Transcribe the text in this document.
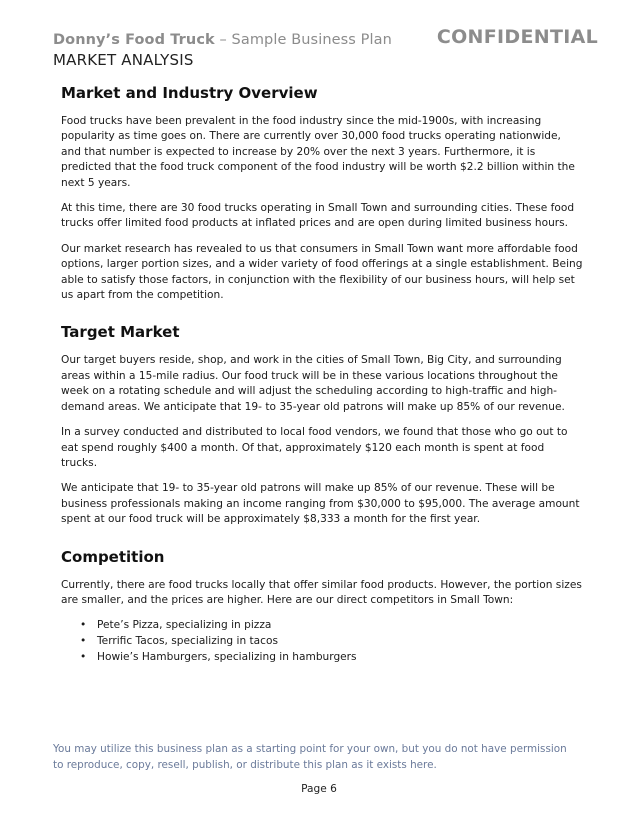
Donny’s Food Truck – Sample Business Plan CONFIDENTIAL
MARKET ANALYSIS
Market and Industry Overview

Food trucks have been prevalent in the food industry since the mid-1900s, with increasing popularity as time goes on. There are currently over 30,000 food trucks operating nationwide, and that number is expected to increase by 20% over the next 3 years. Furthermore, it is predicted that the food truck component of the food industry will be worth $2.2 billion within the next 5 years.

At this time, there are 30 food trucks operating in Small Town and surrounding cities. These food trucks offer limited food products at inflated prices and are open during limited business hours.

Our market research has revealed to us that consumers in Small Town want more affordable food options, larger portion sizes, and a wider variety of food offerings at a single establishment. Being able to satisfy those factors, in conjunction with the flexibility of our business hours, will help set us apart from the competition.

Target Market

Our target buyers reside, shop, and work in the cities of Small Town, Big City, and surrounding areas within a 15-mile radius. Our food truck will be in these various locations throughout the week on a rotating schedule and will adjust the scheduling according to high-traffic and high-demand areas. We anticipate that 19- to 35-year old patrons will make up 85% of our revenue.

In a survey conducted and distributed to local food vendors, we found that those who go out to eat spend roughly $400 a month. Of that, approximately $120 each month is spent at food trucks.

We anticipate that 19- to 35-year old patrons will make up 85% of our revenue. These will be business professionals making an income ranging from $30,000 to $95,000. The average amount spent at our food truck will be approximately $8,333 a month for the first year.

Competition

Currently, there are food trucks locally that offer similar food products. However, the portion sizes are smaller, and the prices are higher. Here are our direct competitors in Small Town:

• Pete’s Pizza, specializing in pizza
• Terrific Tacos, specializing in tacos
• Howie’s Hamburgers, specializing in hamburgers
You may utilize this business plan as a starting point for your own, but you do not have permission to reproduce, copy, resell, publish, or distribute this plan as it exists here.
Page 6
